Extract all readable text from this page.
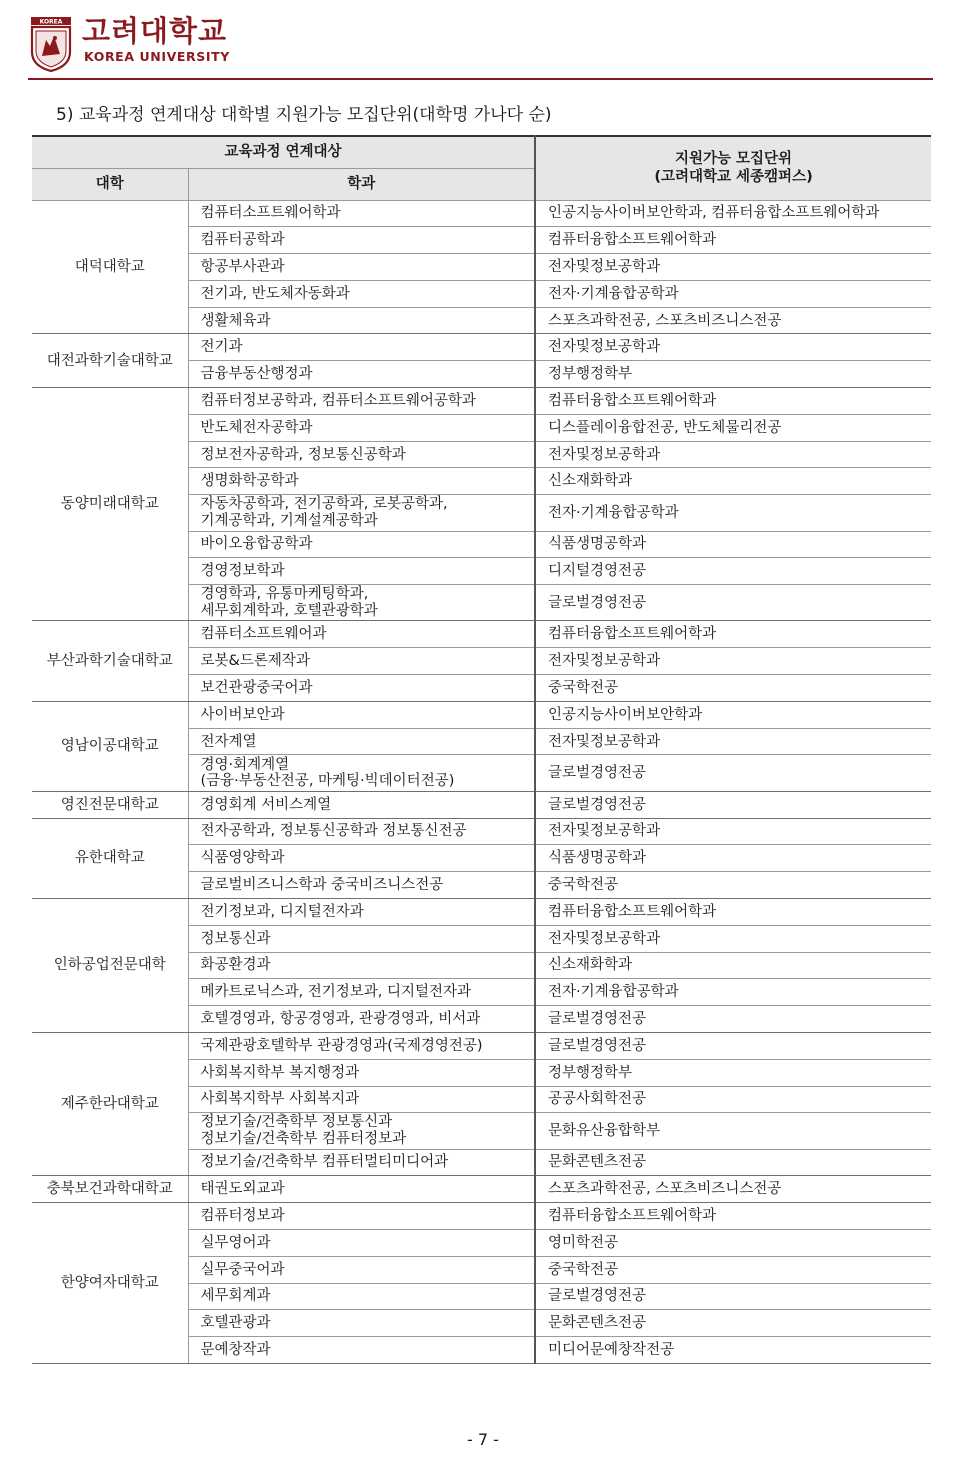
KOREA 고려대학교
KOREA UNIVERSITY
5) 교육과정 연계대상 대학별 지원가능 모집단위(대학명 가나다 순)
교육과정 연계대상		지원가능 모집단위
(고려대학교 세종캠퍼스)
대학	학과	
대덕대학교	컴퓨터소프트웨어학과	인공지능사이버보안학과, 컴퓨터융합소프트웨어학과

	컴퓨터공학과	컴퓨터융합소프트웨어학과

	항공부사관과	전자및정보공학과

	전기과, 반도체자동화과	전자·기계융합공학과

	생활체육과	스포츠과학전공, 스포츠비즈니스전공
대전과학기술대학교	전기과	전자및정보공학과

	금융부동산행정과	정부행정학부
동양미래대학교	컴퓨터정보공학과, 컴퓨터소프트웨어공학과	컴퓨터융합소프트웨어학과

	반도체전자공학과	디스플레이융합전공, 반도체물리전공

	정보전자공학과, 정보통신공학과	전자및정보공학과

	생명화학공학과	신소재화학과

	자동차공학과, 전기공학과, 로봇공학과,
기계공학과, 기계설계공학과	전자·기계융합공학과

	바이오융합공학과	식품생명공학과

	경영정보학과	디지털경영전공

	경영학과, 유통마케팅학과,
세무회계학과, 호텔관광학과	글로벌경영전공
부산과학기술대학교	컴퓨터소프트웨어과	컴퓨터융합소프트웨어학과

	로봇&드론제작과	전자및정보공학과

	보건관광중국어과	중국학전공
영남이공대학교	사이버보안과	인공지능사이버보안학과

	전자계열	전자및정보공학과

	경영·회계계열
(금융·부동산전공, 마케팅·빅데이터전공)	글로벌경영전공
영진전문대학교	경영회계 서비스계열	글로벌경영전공
유한대학교	전자공학과, 정보통신공학과 정보통신전공	전자및정보공학과

	식품영양학과	식품생명공학과

	글로벌비즈니스학과 중국비즈니스전공	중국학전공
인하공업전문대학	전기정보과, 디지털전자과	컴퓨터융합소프트웨어학과

	정보통신과	전자및정보공학과

	화공환경과	신소재화학과

	메카트로닉스과, 전기정보과, 디지털전자과	전자·기계융합공학과

	호텔경영과, 항공경영과, 관광경영과, 비서과	글로벌경영전공
제주한라대학교	국제관광호텔학부 관광경영과(국제경영전공)	글로벌경영전공

	사회복지학부 복지행정과	정부행정학부

	사회복지학부 사회복지과	공공사회학전공

	정보기술/건축학부 정보통신과
정보기술/건축학부 컴퓨터정보과	문화유산융합학부

	정보기술/건축학부 컴퓨터멀티미디어과	문화콘텐츠전공
충북보건과학대학교	태권도외교과	스포츠과학전공, 스포츠비즈니스전공
한양여자대학교	컴퓨터정보과	컴퓨터융합소프트웨어학과

	실무영어과	영미학전공

	실무중국어과	중국학전공

	세무회계과	글로벌경영전공

	호텔관광과	문화콘텐츠전공

	문예창작과	미디어문예창작전공
- 7 -
